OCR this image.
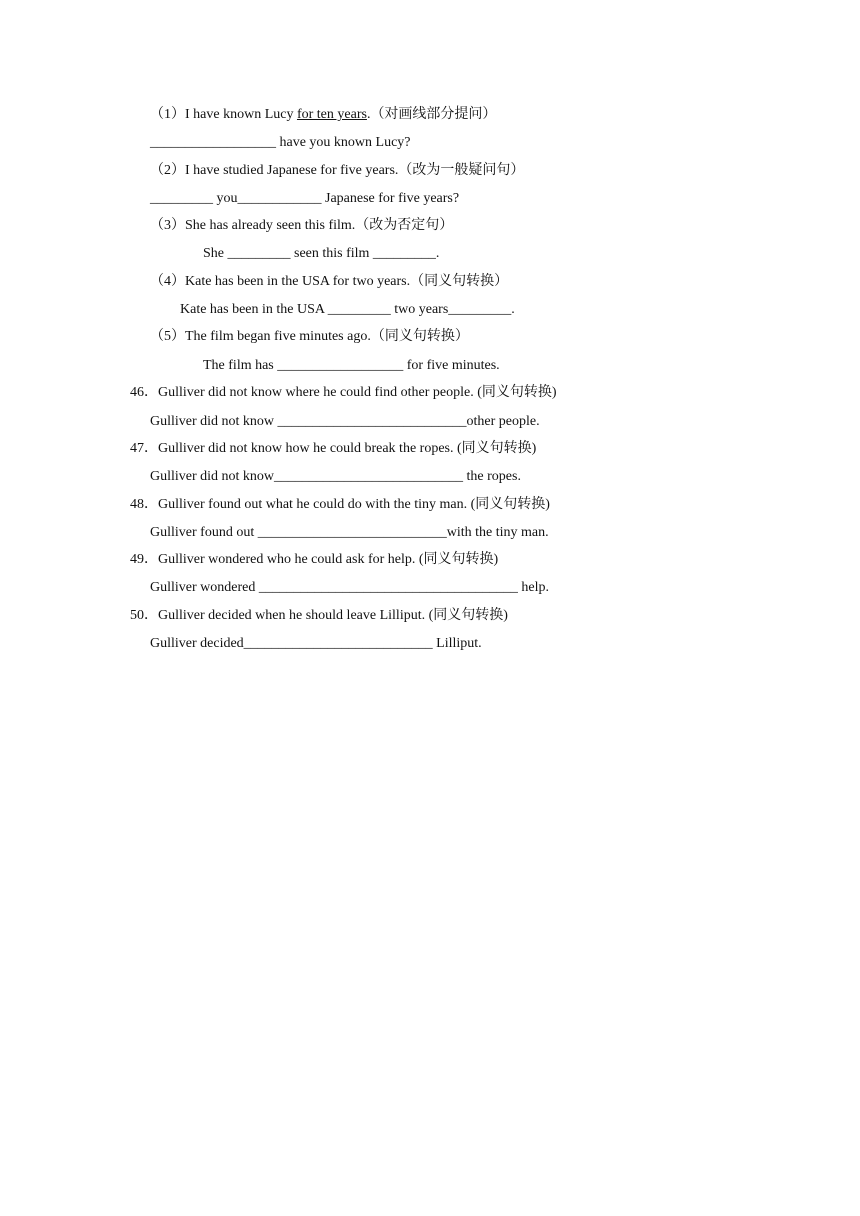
（1）I have known Lucy for ten years.（对画线部分提问）
__________________ have you known Lucy?
（2）I have studied Japanese for five years.（改为一般疑问句）
_________ you____________ Japanese for five years?
（3）She has already seen this film.（改为否定句）
She _________ seen this film _________.
（4）Kate has been in the USA for two years.（同义句转换）
Kate has been in the USA _________ two years_________.
（5）The film began five minutes ago.（同义句转换）
The film has __________________ for five minutes.
46．Gulliver did not know where he could find other people. (同义句转换)
Gulliver did not know ___________________________other people.
47．Gulliver did not know how he could break the ropes. (同义句转换)
Gulliver did not know___________________________ the ropes.
48．Gulliver found out what he could do with the tiny man. (同义句转换)
Gulliver found out ___________________________with the tiny man.
49．Gulliver wondered who he could ask for help. (同义句转换)
Gulliver wondered _____________________________________ help.
50．Gulliver decided when he should leave Lilliput. (同义句转换)
Gulliver decided___________________________ Lilliput.
